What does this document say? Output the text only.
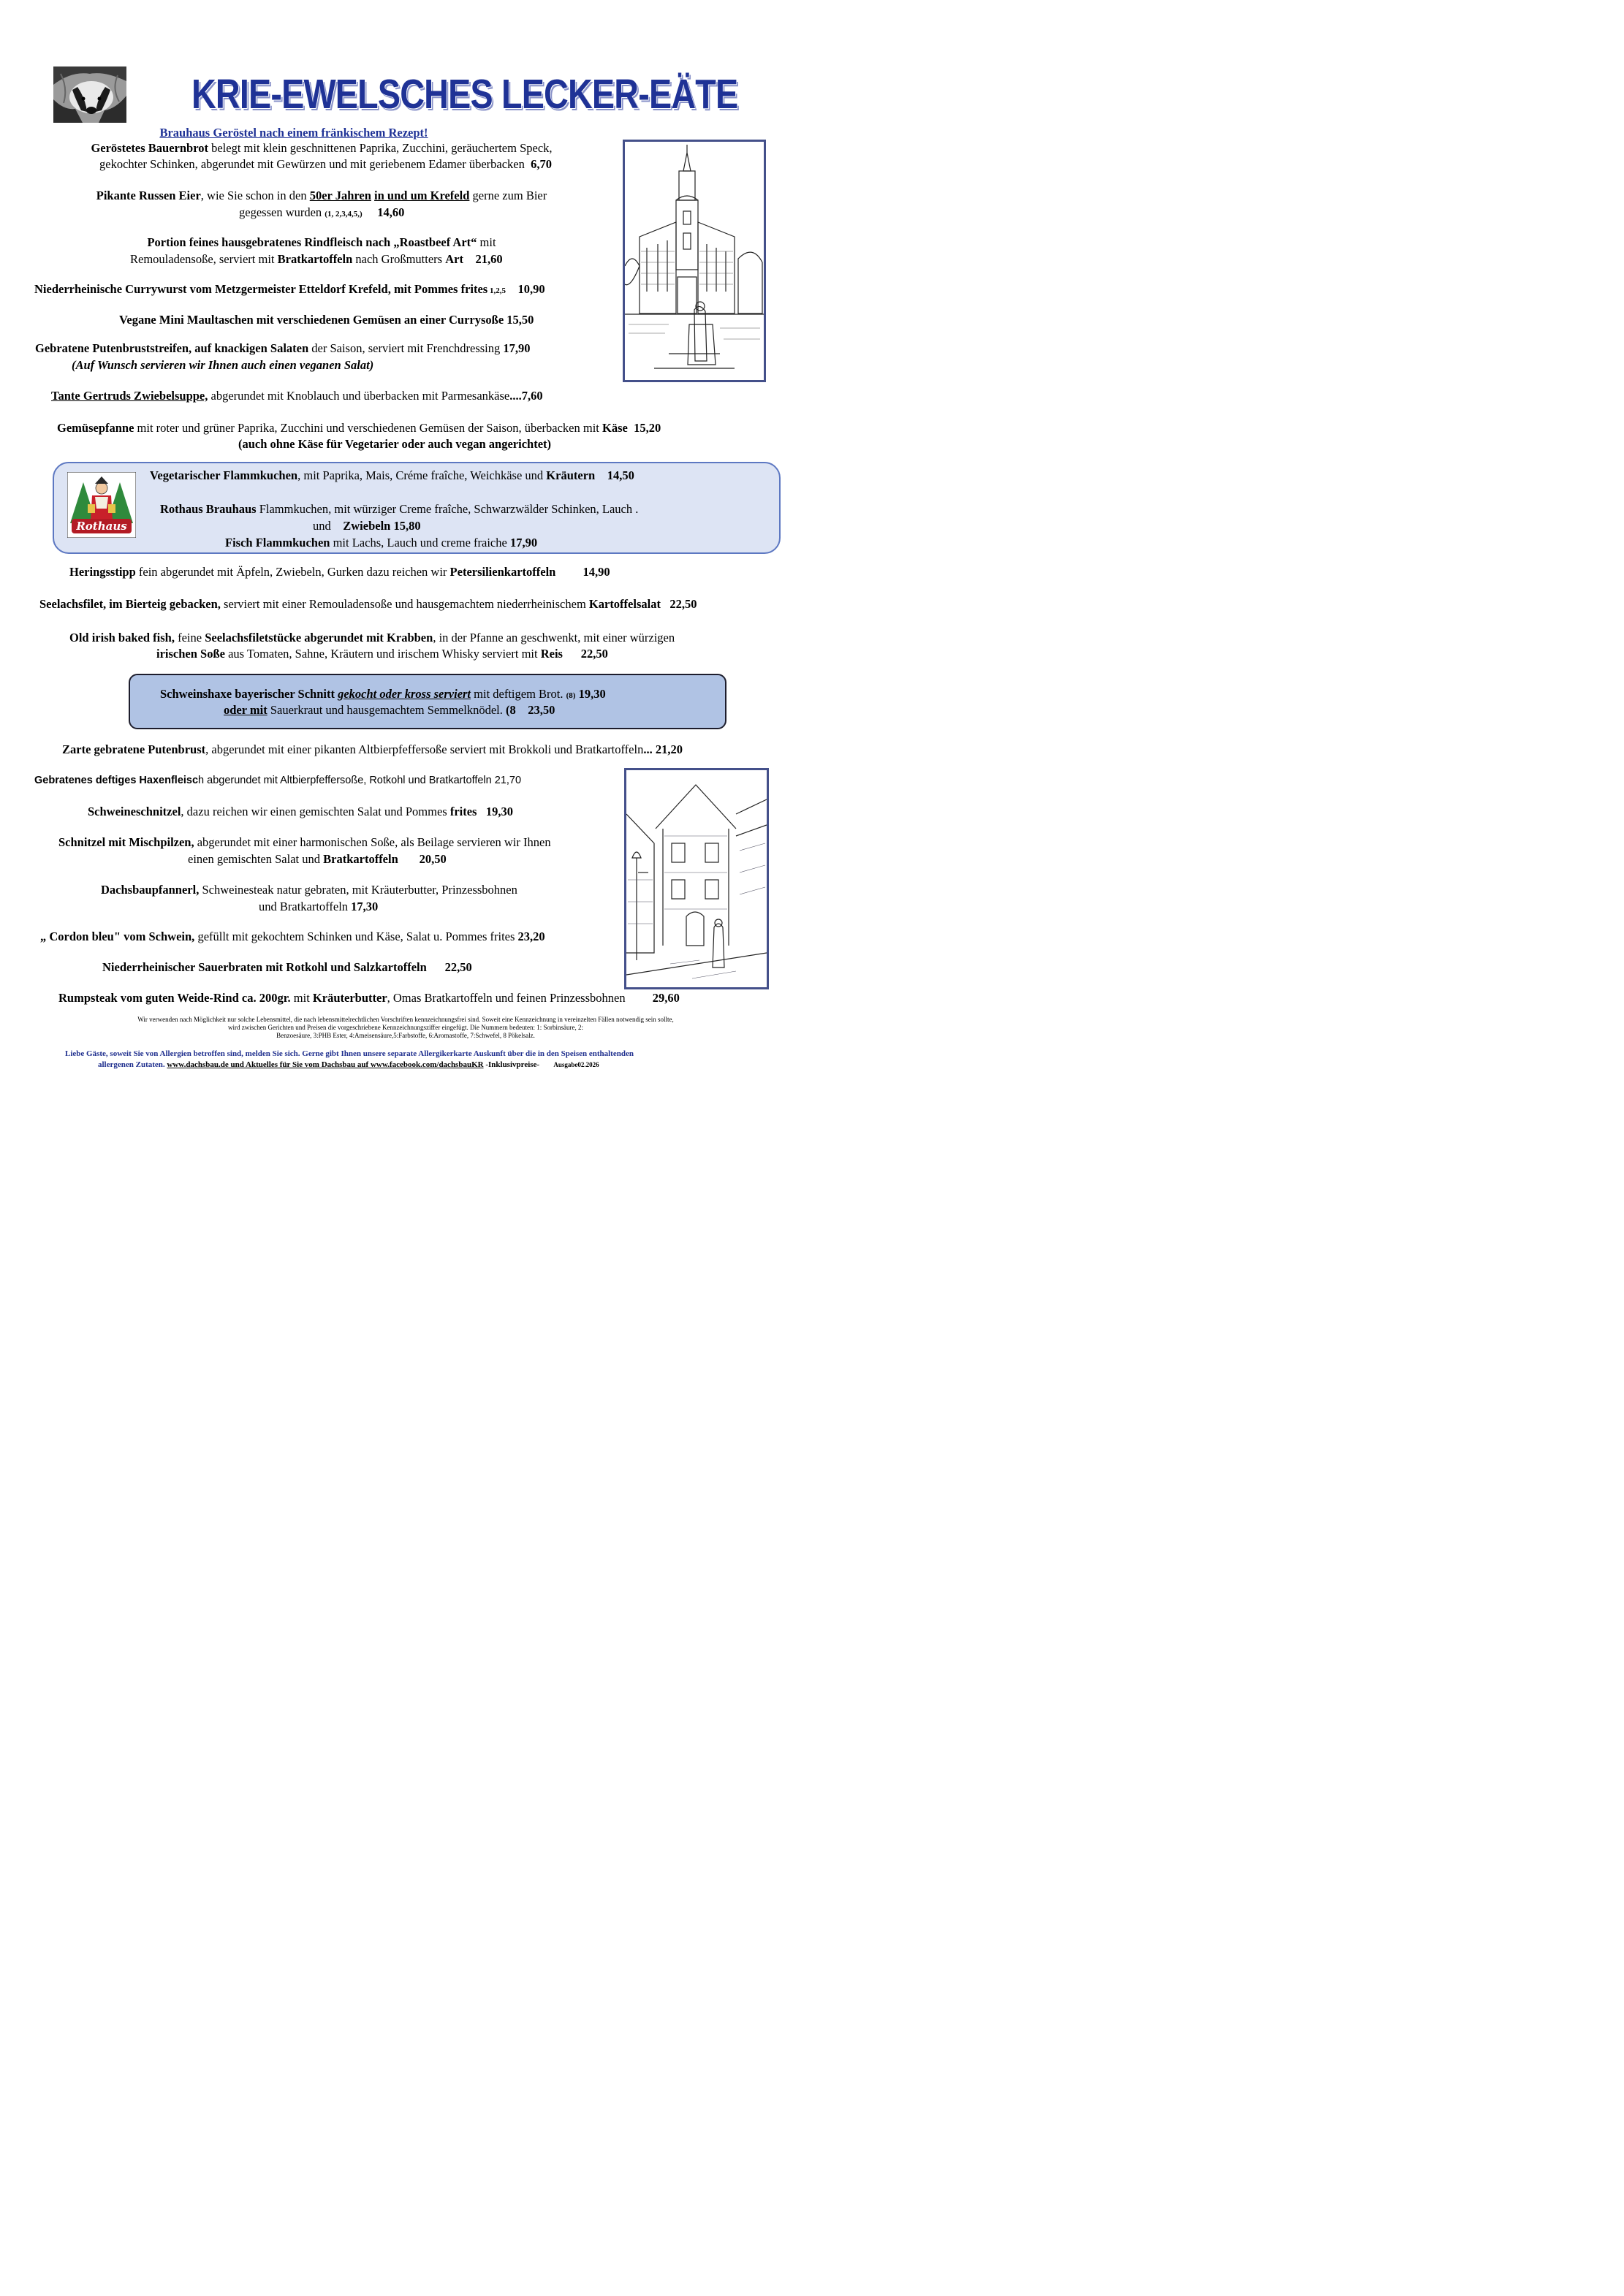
KRIE-EWELSCHES LECKER-EÄTE
Brauhaus Geröstel nach einem fränkischem Rezept!
Geröstetes Bauernbrot belegt mit klein geschnittenen Paprika, Zucchini, geräuchertem Speck,
gekochter Schinken, abgerundet mit Gewürzen und mit geriebenem Edamer überbacken 6,70
Pikante Russen Eier, wie Sie schon in den 50er Jahren in und um Krefeld gerne zum Bier
gegessen wurden (1, 2,3,4,5,) 14,60
Portion feines hausgebratenes Rindfleisch nach „Roastbeef Art“ mit
Remouladensoße, serviert mit Bratkartoffeln nach Großmutters Art 21,60
Niederrheinische Currywurst vom Metzgermeister Etteldorf Krefeld, mit Pommes frites 1,2,5 10,90
Vegane Mini Maultaschen mit verschiedenen Gemüsen an einer Currysoße 15,50
Gebratene Putenbruststreifen, auf knackigen Salaten der Saison, serviert mit Frenchdressing 17,90
(Auf Wunsch servieren wir Ihnen auch einen veganen Salat)
Tante Gertruds Zwiebelsuppe, abgerundet mit Knoblauch und überbacken mit Parmesankäse....7,60
Gemüsepfanne mit roter und grüner Paprika, Zucchini und verschiedenen Gemüsen der Saison, überbacken mit Käse 15,20
(auch ohne Käse für Vegetarier oder auch vegan angerichtet)
Rothaus
Vegetarischer Flammkuchen, mit Paprika, Mais, Créme fraîche, Weichkäse und Kräutern 14,50
Rothaus Brauhaus Flammkuchen, mit würziger Creme fraîche, Schwarzwälder Schinken, Lauch .
und Zwiebeln 15,80
Fisch Flammkuchen mit Lachs, Lauch und creme fraiche 17,90
Heringsstipp fein abgerundet mit Äpfeln, Zwiebeln, Gurken dazu reichen wir Petersilienkartoffeln 14,90
Seelachsfilet, im Bierteig gebacken, serviert mit einer Remouladensoße und hausgemachtem niederrheinischem Kartoffelsalat 22,50
Old irish baked fish, feine Seelachsfiletstücke abgerundet mit Krabben, in der Pfanne an geschwenkt, mit einer würzigen
irischen Soße aus Tomaten, Sahne, Kräutern und irischem Whisky serviert mit Reis 22,50
Schweinshaxe bayerischer Schnitt gekocht oder kross serviert mit deftigem Brot. (8) 19,30
oder mit Sauerkraut und hausgemachtem Semmelknödel. (8 23,50
Zarte gebratene Putenbrust, abgerundet mit einer pikanten Altbierpfeffersoße serviert mit Brokkoli und Bratkartoffeln... 21,20
Gebratenes deftiges Haxenfleisch abgerundet mit Altbierpfeffersoße, Rotkohl und Bratkartoffeln 21,70
Schweineschnitzel, dazu reichen wir einen gemischten Salat und Pommes frites 19,30
Schnitzel mit Mischpilzen, abgerundet mit einer harmonischen Soße, als Beilage servieren wir Ihnen
einen gemischten Salat und Bratkartoffeln 20,50
Dachsbaupfannerl, Schweinesteak natur gebraten, mit Kräuterbutter, Prinzessbohnen
und Bratkartoffeln 17,30
„ Cordon bleu" vom Schwein, gefüllt mit gekochtem Schinken und Käse, Salat u. Pommes frites 23,20
Niederrheinischer Sauerbraten mit Rotkohl und Salzkartoffeln 22,50
Rumpsteak vom guten Weide-Rind ca. 200gr. mit Kräuterbutter, Omas Bratkartoffeln und feinen Prinzessbohnen 29,60
Wir verwenden nach Möglichkeit nur solche Lebensmittel, die nach lebensmittelrechtlichen Vorschriften kennzeichnungsfrei sind. Soweit eine Kennzeichnung in vereinzelten Fällen notwendig sein sollte,
wird zwischen Gerichten und Preisen die vorgeschriebene Kennzeichnungsziffer eingefügt. Die Nummern bedeuten: 1: Sorbinsäure, 2:
Benzoesäure, 3:PHB Ester, 4:Ameisensäure,5:Farbstoffe, 6:Aromastoffe, 7:Schwefel, 8 Pökelsalz.
Liebe Gäste, soweit Sie von Allergien betroffen sind, melden Sie sich. Gerne gibt Ihnen unsere separate Allergikerkarte Auskunft über die in den Speisen enthaltenden
allergenen Zutaten. www.dachsbau.de und Aktuelles für Sie vom Dachsbau auf www.facebook.com/dachsbauKR -Inklusivpreise- Ausgabe02.2026
